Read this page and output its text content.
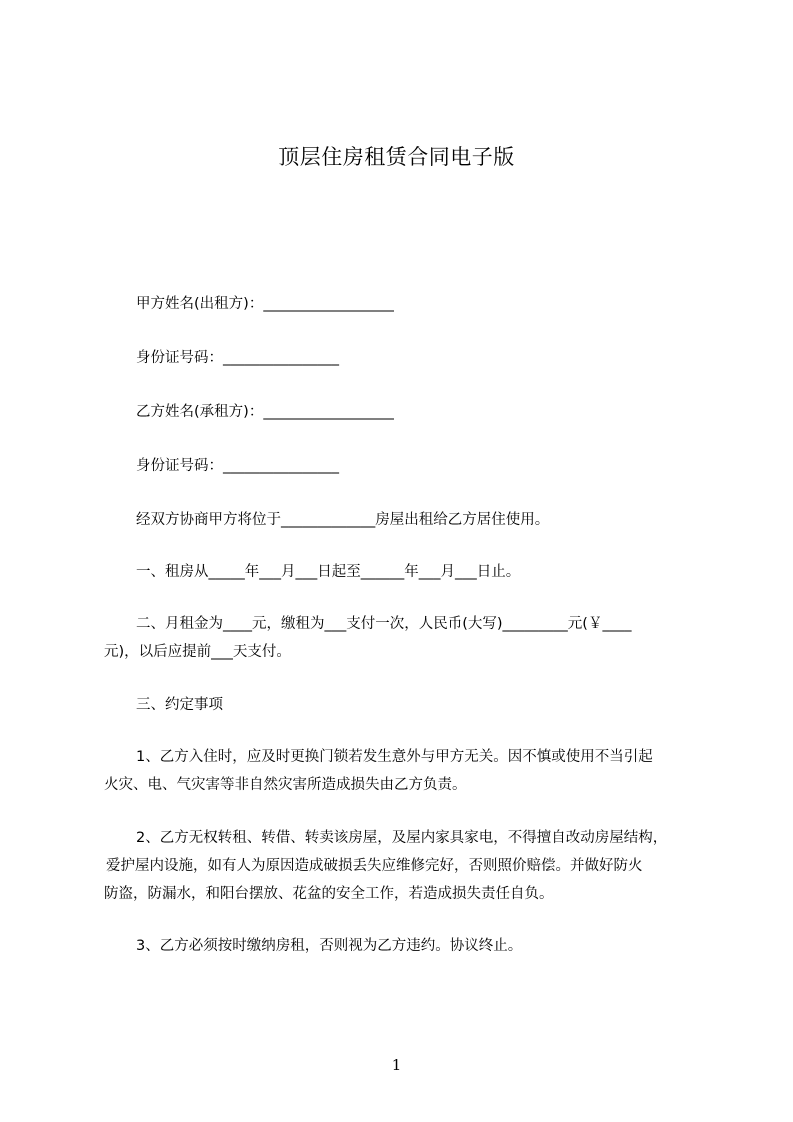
顶层住房租赁合同电子版
甲方姓名(出租方)：__________________
身份证号码：________________
乙方姓名(承租方)：__________________
身份证号码：________________
经双方协商甲方将位于_____________房屋出租给乙方居住使用。
一、租房从_____年___月___日起至______年___月___日止。
二、月租金为____元，缴租为___支付一次，人民币(大写)_________元(￥____
元)，以后应提前___天支付。
三、约定事项
1、乙方入住时，应及时更换门锁若发生意外与甲方无关。因不慎或使用不当引起
火灾、电、气灾害等非自然灾害所造成损失由乙方负责。
2、乙方无权转租、转借、转卖该房屋，及屋内家具家电，不得擅自改动房屋结构，
爱护屋内设施，如有人为原因造成破损丢失应维修完好，否则照价赔偿。并做好防火
防盗，防漏水，和阳台摆放、花盆的安全工作，若造成损失责任自负。
3、乙方必须按时缴纳房租，否则视为乙方违约。协议终止。
1
